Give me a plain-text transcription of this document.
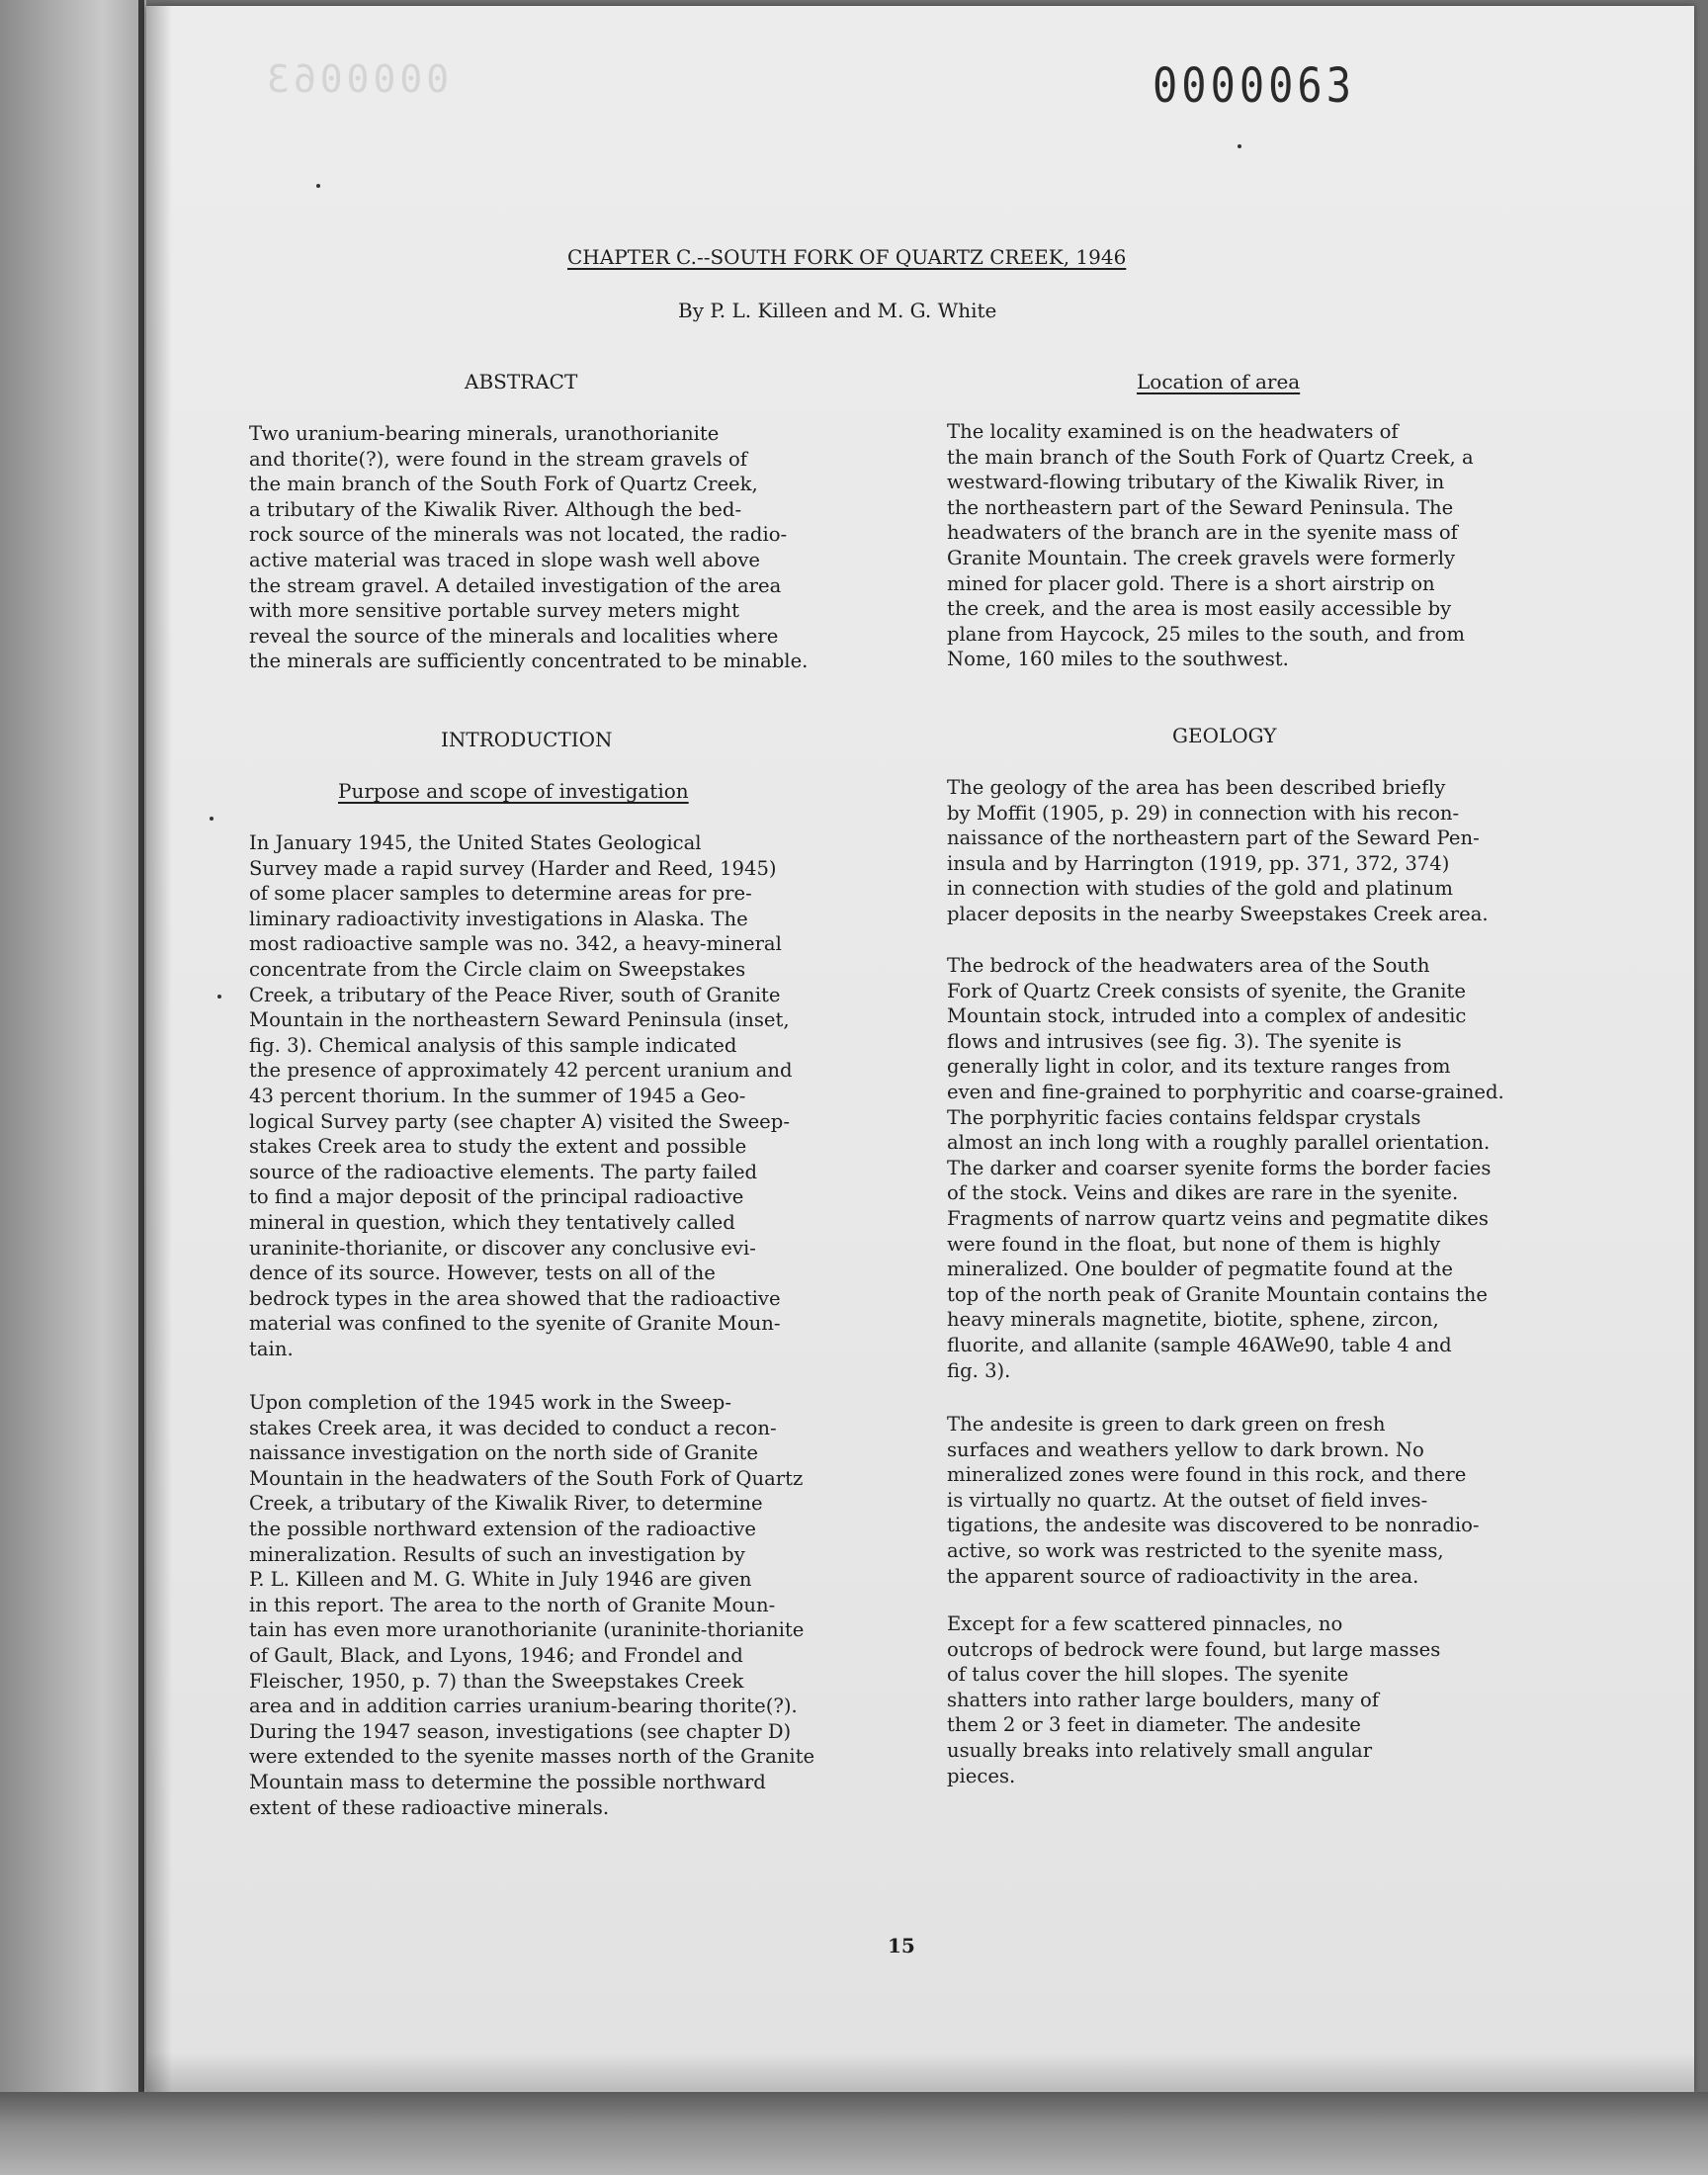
0000063	0000063
CHAPTER C.--SOUTH FORK OF QUARTZ CREEK, 1946
By P. L. Killeen and M. G. White
ABSTRACT
Two uranium-bearing minerals, uranothorianite
and thorite(?), were found in the stream gravels of
the main branch of the South Fork of Quartz Creek,
a tributary of the Kiwalik River. Although the bed-
rock source of the minerals was not located, the radio-
active material was traced in slope wash well above
the stream gravel. A detailed investigation of the area
with more sensitive portable survey meters might
reveal the source of the minerals and localities where
the minerals are sufficiently concentrated to be minable.
INTRODUCTION
Purpose and scope of investigation
In January 1945, the United States Geological
Survey made a rapid survey (Harder and Reed, 1945)
of some placer samples to determine areas for pre-
liminary radioactivity investigations in Alaska. The
most radioactive sample was no. 342, a heavy-mineral
concentrate from the Circle claim on Sweepstakes
Creek, a tributary of the Peace River, south of Granite
Mountain in the northeastern Seward Peninsula (inset,
fig. 3). Chemical analysis of this sample indicated
the presence of approximately 42 percent uranium and
43 percent thorium. In the summer of 1945 a Geo-
logical Survey party (see chapter A) visited the Sweep-
stakes Creek area to study the extent and possible
source of the radioactive elements. The party failed
to find a major deposit of the principal radioactive
mineral in question, which they tentatively called
uraninite-thorianite, or discover any conclusive evi-
dence of its source. However, tests on all of the
bedrock types in the area showed that the radioactive
material was confined to the syenite of Granite Moun-
tain.
Upon completion of the 1945 work in the Sweep-
stakes Creek area, it was decided to conduct a recon-
naissance investigation on the north side of Granite
Mountain in the headwaters of the South Fork of Quartz
Creek, a tributary of the Kiwalik River, to determine
the possible northward extension of the radioactive
mineralization. Results of such an investigation by
P. L. Killeen and M. G. White in July 1946 are given
in this report. The area to the north of Granite Moun-
tain has even more uranothorianite (uraninite-thorianite
of Gault, Black, and Lyons, 1946; and Frondel and
Fleischer, 1950, p. 7) than the Sweepstakes Creek
area and in addition carries uranium-bearing thorite(?).
During the 1947 season, investigations (see chapter D)
were extended to the syenite masses north of the Granite
Mountain mass to determine the possible northward
extent of these radioactive minerals.
Location of area
The locality examined is on the headwaters of
the main branch of the South Fork of Quartz Creek, a
westward-flowing tributary of the Kiwalik River, in
the northeastern part of the Seward Peninsula. The
headwaters of the branch are in the syenite mass of
Granite Mountain. The creek gravels were formerly
mined for placer gold. There is a short airstrip on
the creek, and the area is most easily accessible by
plane from Haycock, 25 miles to the south, and from
Nome, 160 miles to the southwest.
GEOLOGY
The geology of the area has been described briefly
by Moffit (1905, p. 29) in connection with his recon-
naissance of the northeastern part of the Seward Pen-
insula and by Harrington (1919, pp. 371, 372, 374)
in connection with studies of the gold and platinum
placer deposits in the nearby Sweepstakes Creek area.
The bedrock of the headwaters area of the South
Fork of Quartz Creek consists of syenite, the Granite
Mountain stock, intruded into a complex of andesitic
flows and intrusives (see fig. 3). The syenite is
generally light in color, and its texture ranges from
even and fine-grained to porphyritic and coarse-grained.
The porphyritic facies contains feldspar crystals
almost an inch long with a roughly parallel orientation.
The darker and coarser syenite forms the border facies
of the stock. Veins and dikes are rare in the syenite.
Fragments of narrow quartz veins and pegmatite dikes
were found in the float, but none of them is highly
mineralized. One boulder of pegmatite found at the
top of the north peak of Granite Mountain contains the
heavy minerals magnetite, biotite, sphene, zircon,
fluorite, and allanite (sample 46AWe90, table 4 and
fig. 3).
The andesite is green to dark green on fresh
surfaces and weathers yellow to dark brown. No
mineralized zones were found in this rock, and there
is virtually no quartz. At the outset of field inves-
tigations, the andesite was discovered to be nonradio-
active, so work was restricted to the syenite mass,
the apparent source of radioactivity in the area.
Except for a few scattered pinnacles, no
outcrops of bedrock were found, but large masses
of talus cover the hill slopes. The syenite
shatters into rather large boulders, many of
them 2 or 3 feet in diameter. The andesite
usually breaks into relatively small angular
pieces.
15
